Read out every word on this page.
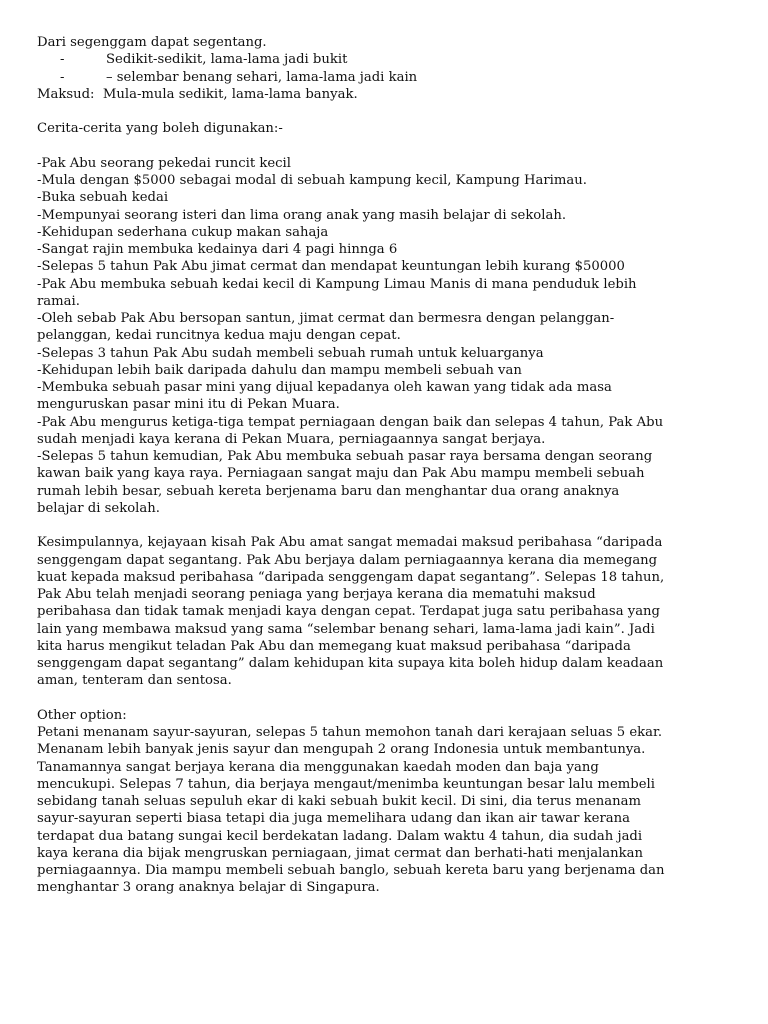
Dari segenggam dapat segentang.
-	Sedikit-sedikit, lama-lama jadi bukit
-	– selembar benang sehari, lama-lama jadi kain
Maksud:  Mula-mula sedikit, lama-lama banyak.
Cerita-cerita yang boleh digunakan:-
-Pak Abu seorang pekedai runcit kecil
-Mula dengan $5000 sebagai modal di sebuah kampung kecil, Kampung Harimau.
-Buka sebuah kedai
-Mempunyai seorang isteri dan lima orang anak yang masih belajar di sekolah.
-Kehidupan sederhana cukup makan sahaja
-Sangat rajin membuka kedainya dari 4 pagi hinnga 6
-Selepas 5 tahun Pak Abu jimat cermat dan mendapat keuntungan lebih kurang $50000
-Pak Abu membuka sebuah kedai kecil di Kampung Limau Manis di mana penduduk lebih
ramai.
-Oleh sebab Pak Abu bersopan santun, jimat cermat dan bermesra dengan pelanggan-
pelanggan, kedai runcitnya kedua maju dengan cepat.
-Selepas 3 tahun Pak Abu sudah membeli sebuah rumah untuk keluarganya
-Kehidupan lebih baik daripada dahulu dan mampu membeli sebuah van
-Membuka sebuah pasar mini yang dijual kepadanya oleh kawan yang tidak ada masa
menguruskan pasar mini itu di Pekan Muara.
-Pak Abu mengurus ketiga-tiga tempat perniagaan dengan baik dan selepas 4 tahun, Pak Abu
sudah menjadi kaya kerana di Pekan Muara, perniagaannya sangat berjaya.
-Selepas 5 tahun kemudian, Pak Abu membuka sebuah pasar raya bersama dengan seorang
kawan baik yang kaya raya. Perniagaan sangat maju dan Pak Abu mampu membeli sebuah
rumah lebih besar, sebuah kereta berjenama baru dan menghantar dua orang anaknya
belajar di sekolah.
Kesimpulannya, kejayaan kisah Pak Abu amat sangat memadai maksud peribahasa “daripada
senggengam dapat segantang. Pak Abu berjaya dalam perniagaannya kerana dia memegang
kuat kepada maksud peribahasa “daripada senggengam dapat segantang”. Selepas 18 tahun,
Pak Abu telah menjadi seorang peniaga yang berjaya kerana dia mematuhi maksud
peribahasa dan tidak tamak menjadi kaya dengan cepat. Terdapat juga satu peribahasa yang
lain yang membawa maksud yang sama “selembar benang sehari, lama-lama jadi kain”. Jadi
kita harus mengikut teladan Pak Abu dan memegang kuat maksud peribahasa “daripada
senggengam dapat segantang” dalam kehidupan kita supaya kita boleh hidup dalam keadaan
aman, tenteram dan sentosa.
Other option:
Petani menanam sayur-sayuran, selepas 5 tahun memohon tanah dari kerajaan seluas 5 ekar.
Menanam lebih banyak jenis sayur dan mengupah 2 orang Indonesia untuk membantunya.
Tanamannya sangat berjaya kerana dia menggunakan kaedah moden dan baja yang
mencukupi. Selepas 7 tahun, dia berjaya mengaut/menimba keuntungan besar lalu membeli
sebidang tanah seluas sepuluh ekar di kaki sebuah bukit kecil. Di sini, dia terus menanam
sayur-sayuran seperti biasa tetapi dia juga memelihara udang dan ikan air tawar kerana
terdapat dua batang sungai kecil berdekatan ladang. Dalam waktu 4 tahun, dia sudah jadi
kaya kerana dia bijak mengruskan perniagaan, jimat cermat dan berhati-hati menjalankan
perniagaannya. Dia mampu membeli sebuah banglo, sebuah kereta baru yang berjenama dan
menghantar 3 orang anaknya belajar di Singapura.
